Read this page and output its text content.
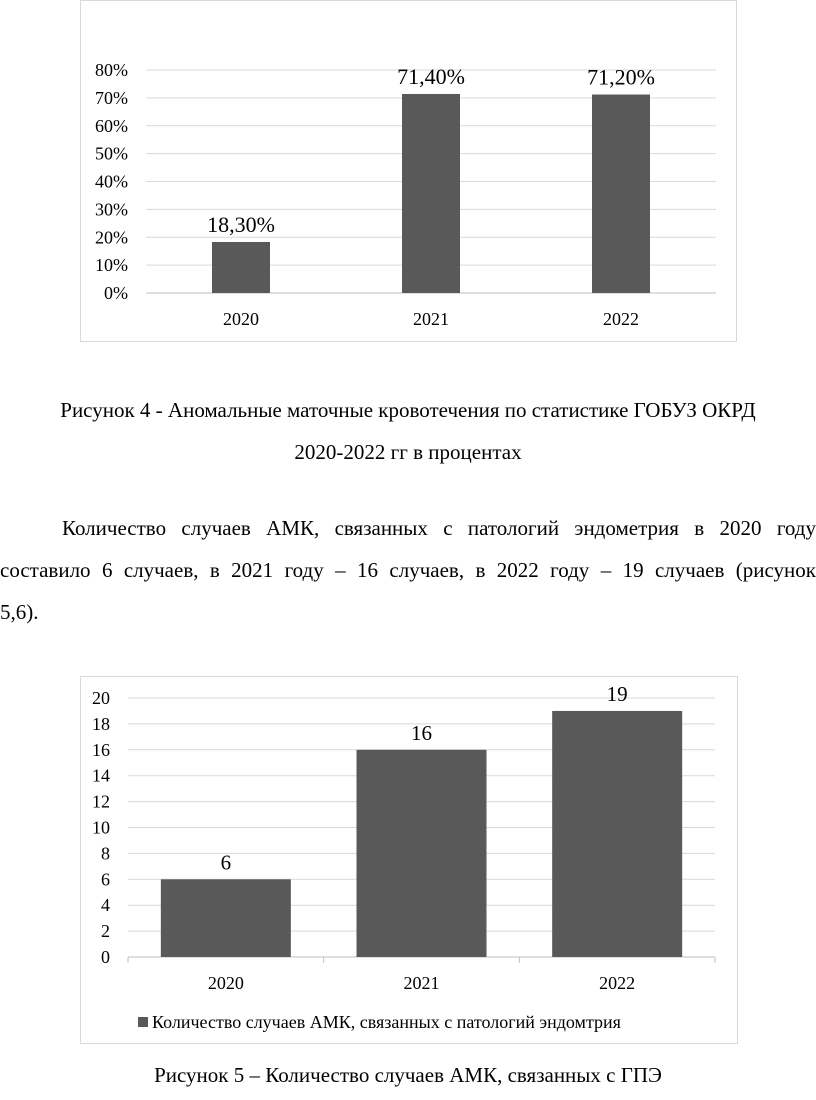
0%
10%
20%
30%
40%
50%
60%
70%
80%
18,30%
2020
71,40%
2021
71,20%
2022
Рисунок 4 - Аномальные маточные кровотечения по статистике ГОБУЗ ОКРД
2020-2022 гг в процентах
Количество случаев АМК, связанных с патологий эндометрия в 2020 году
составило 6 случаев, в 2021 году – 16 случаев, в 2022 году – 19 случаев (рисунок
5,6).
0
2
4
6
8
10
12
14
16
18
20
6
2020
16
2021
19
2022
Количество случаев АМК, связанных с патологий эндомтрия
Рисунок 5 – Количество случаев АМК, связанных с ГПЭ
